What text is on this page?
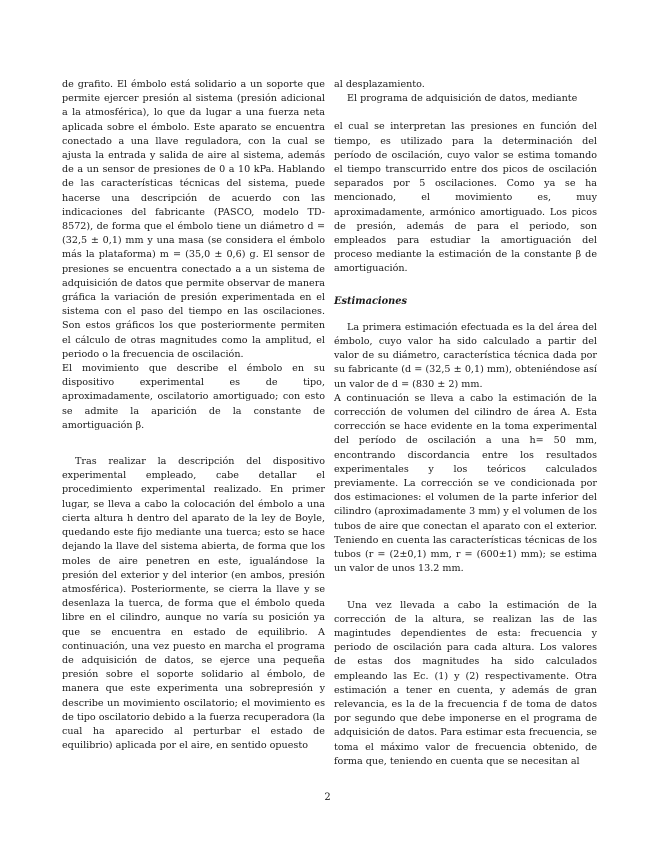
de grafito. El émbolo está solidario a un soporte que permite ejercer presión al sistema (presión adicional a la atmosférica), lo que da lugar a una fuerza neta aplicada sobre el émbolo. Este aparato se encuentra conectado a una llave reguladora, con la cual se ajusta la entrada y salida de aire al sistema, además de a un sensor de presiones de 0 a 10 kPa. Hablando de las características técnicas del sistema, puede hacerse una descripción de acuerdo con las indicaciones del fabricante (PASCO, modelo TD-8572), de forma que el émbolo tiene un diámetro d = (32,5 ± 0,1) mm y una masa (se considera el émbolo más la plataforma) m = (35,0 ± 0,6) g. El sensor de presiones se encuentra conectado a a un sistema de adquisición de datos que permite observar de manera gráfica la variación de presión experimentada en el sistema con el paso del tiempo en las oscilaciones. Son estos gráficos los que posteriormente permiten el cálculo de otras magnitudes como la amplitud, el periodo o la frecuencia de oscilación.

El movimiento que describe el émbolo en su dispositivo experimental es de tipo, aproximadamente, oscilatorio amortiguado; con esto se admite la aparición de la constante de amortiguación β.

Tras realizar la descripción del dispositivo experimental empleado, cabe detallar el procedimiento experimental realizado. En primer lugar, se lleva a cabo la colocación del émbolo a una cierta altura h dentro del aparato de la ley de Boyle, quedando este fijo mediante una tuerca; esto se hace dejando la llave del sistema abierta, de forma que los moles de aire penetren en este, igualándose la presión del exterior y del interior (en ambos, presión atmosférica). Posteriormente, se cierra la llave y se desenlaza la tuerca, de forma que el émbolo queda libre en el cilindro, aunque no varía su posición ya que se encuentra en estado de equilibrio. A continuación, una vez puesto en marcha el programa de adquisición de datos, se ejerce una pequeña presión sobre el soporte solidario al émbolo, de manera que este experimenta una sobrepresión y describe un movimiento oscilatorio; el movimiento es de tipo oscilatorio debido a la fuerza recuperadora (la cual ha aparecido al perturbar el estado de equilibrio) aplicada por el aire, en sentido opuesto

al desplazamiento.

El programa de adquisición de datos, mediante

el cual se interpretan las presiones en función del tiempo, es utilizado para la determinación del período de oscilación, cuyo valor se estima tomando el tiempo transcurrido entre dos picos de oscilación separados por 5 oscilaciones. Como ya se ha mencionado, el movimiento es, muy aproximadamente, armónico amortiguado. Los picos de presión, además de para el periodo, son empleados para estudiar la amortiguación del proceso mediante la estimación de la constante β de amortiguación.

Estimaciones

La primera estimación efectuada es la del área del émbolo, cuyo valor ha sido calculado a partir del valor de su diámetro, característica técnica dada por su fabricante (d = (32,5 ± 0,1) mm), obteniéndose así un valor de d = (830 ± 2) mm.

A continuación se lleva a cabo la estimación de la corrección de volumen del cilindro de área A. Esta corrección se hace evidente en la toma experimental del período de oscilación a una h= 50 mm, encontrando discordancia entre los resultados experimentales y los teóricos calculados previamente. La corrección se ve condicionada por dos estimaciones: el volumen de la parte inferior del cilindro (aproximadamente 3 mm) y el volumen de los tubos de aire que conectan el aparato con el exterior. Teniendo en cuenta las características técnicas de los tubos (r = (2±0,1) mm, r = (600±1) mm); se estima un valor de unos 13.2 mm.

Una vez llevada a cabo la estimación de la corrección de la altura, se realizan las de las magintudes dependientes de esta: frecuencia y periodo de oscilación para cada altura. Los valores de estas dos magnitudes ha sido calculados empleando las Ec. (1) y (2) respectivamente. Otra estimación a tener en cuenta, y además de gran relevancia, es la de la frecuencia f de toma de datos por segundo que debe imponerse en el programa de adquisición de datos. Para estimar esta frecuencia, se toma el máximo valor de frecuencia obtenido, de forma que, teniendo en cuenta que se necesitan al

2
